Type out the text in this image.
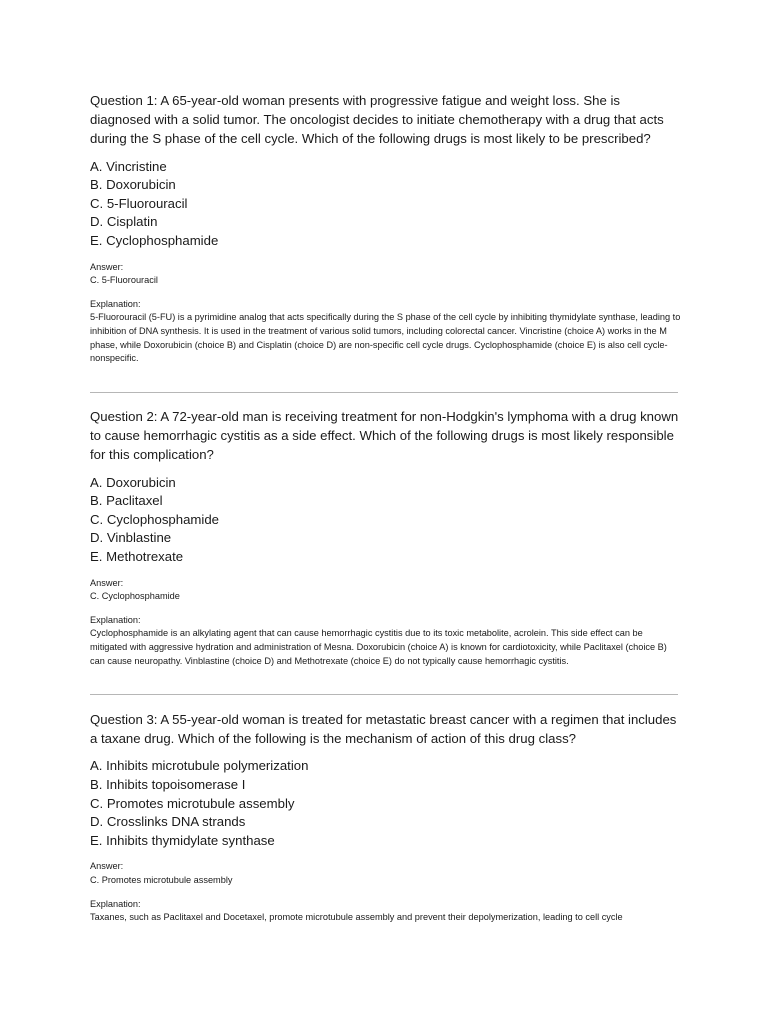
Question 1: A 65-year-old woman presents with progressive fatigue and weight loss. She is diagnosed with a solid tumor. The oncologist decides to initiate chemotherapy with a drug that acts during the S phase of the cell cycle. Which of the following drugs is most likely to be prescribed?

A. Vincristine
B. Doxorubicin
C. 5-Fluorouracil
D. Cisplatin
E. Cyclophosphamide
Answer:
C. 5-Fluorouracil
Explanation:

5-Fluorouracil (5-FU) is a pyrimidine analog that acts specifically during the S phase of the cell cycle by inhibiting thymidylate synthase, leading to inhibition of DNA synthesis. It is used in the treatment of various solid tumors, including colorectal cancer. Vincristine (choice A) works in the M phase, while Doxorubicin (choice B) and Cisplatin (choice D) are non-specific cell cycle drugs. Cyclophosphamide (choice E) is also cell cycle-nonspecific.

Question 2: A 72-year-old man is receiving treatment for non-Hodgkin's lymphoma with a drug known to cause hemorrhagic cystitis as a side effect. Which of the following drugs is most likely responsible for this complication?

A. Doxorubicin
B. Paclitaxel
C. Cyclophosphamide
D. Vinblastine
E. Methotrexate
Answer:
C. Cyclophosphamide
Explanation:

Cyclophosphamide is an alkylating agent that can cause hemorrhagic cystitis due to its toxic metabolite, acrolein. This side effect can be mitigated with aggressive hydration and administration of Mesna. Doxorubicin (choice A) is known for cardiotoxicity, while Paclitaxel (choice B) can cause neuropathy. Vinblastine (choice D) and Methotrexate (choice E) do not typically cause hemorrhagic cystitis.

Question 3: A 55-year-old woman is treated for metastatic breast cancer with a regimen that includes a taxane drug. Which of the following is the mechanism of action of this drug class?

A. Inhibits microtubule polymerization
B. Inhibits topoisomerase I
C. Promotes microtubule assembly
D. Crosslinks DNA strands
E. Inhibits thymidylate synthase
Answer:
C. Promotes microtubule assembly
Explanation:

Taxanes, such as Paclitaxel and Docetaxel, promote microtubule assembly and prevent their depolymerization, leading to cell cycle
